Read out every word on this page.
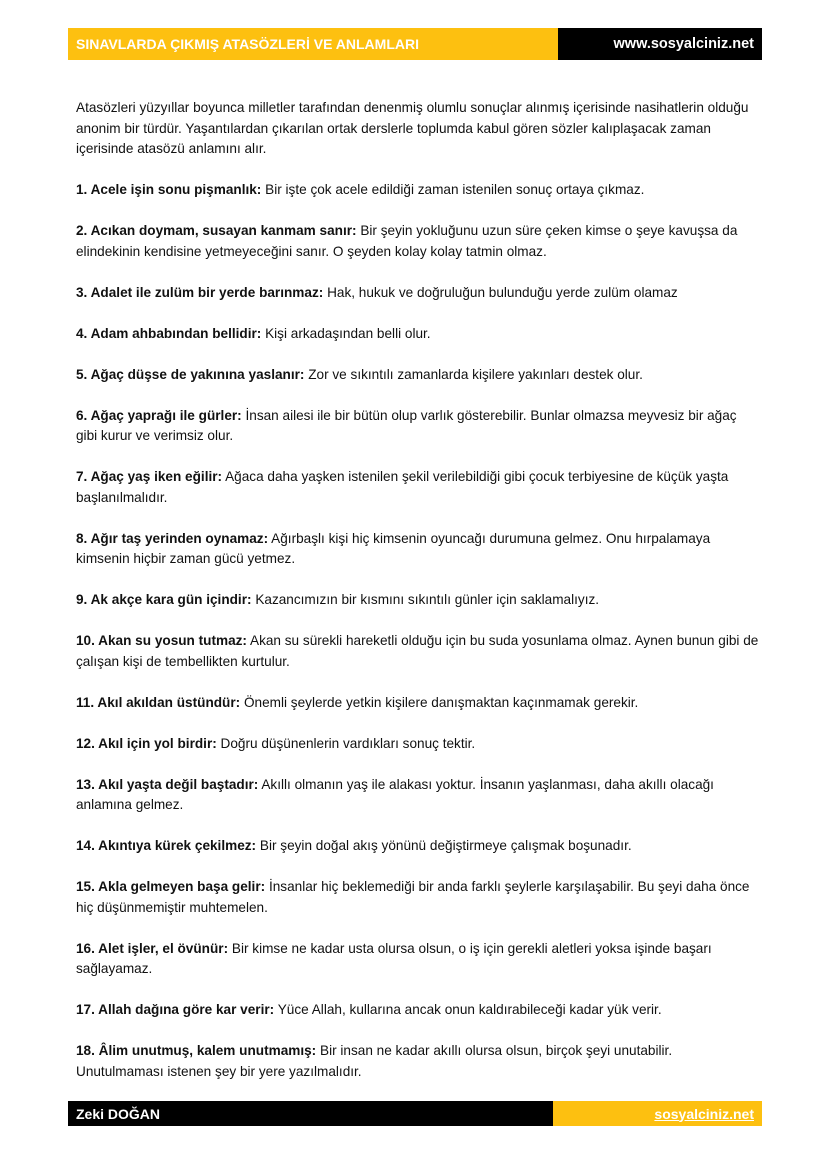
SINAVLARDA ÇIKMIŞ ATASÖZLERİ VE ANLAMLARI	www.sosyalciniz.net

Atasözleri yüzyıllar boyunca milletler tarafından denenmiş olumlu sonuçlar alınmış içerisinde nasihatlerin olduğu anonim bir türdür. Yaşantılardan çıkarılan ortak derslerle toplumda kabul gören sözler kalıplaşacak zaman içerisinde atasözü anlamını alır.

1. Acele işin sonu pişmanlık: Bir işte çok acele edildiği zaman istenilen sonuç ortaya çıkmaz.

2. Acıkan doymam, susayan kanmam sanır: Bir şeyin yokluğunu uzun süre çeken kimse o şeye kavuşsa da elindekinin kendisine yetmeyeceğini sanır. O şeyden kolay kolay tatmin olmaz.

3. Adalet ile zulüm bir yerde barınmaz: Hak, hukuk ve doğruluğun bulunduğu yerde zulüm olamaz

4. Adam ahbabından bellidir: Kişi arkadaşından belli olur.

5. Ağaç düşse de yakınına yaslanır: Zor ve sıkıntılı zamanlarda kişilere yakınları destek olur.

6. Ağaç yaprağı ile gürler: İnsan ailesi ile bir bütün olup varlık gösterebilir. Bunlar olmazsa meyvesiz bir ağaç gibi kurur ve verimsiz olur.

7. Ağaç yaş iken eğilir: Ağaca daha yaşken istenilen şekil verilebildiği gibi çocuk terbiyesine de küçük yaşta başlanılmalıdır.

8. Ağır taş yerinden oynamaz: Ağırbaşlı kişi hiç kimsenin oyuncağı durumuna gelmez. Onu hırpalamaya kimsenin hiçbir zaman gücü yetmez.

9. Ak akçe kara gün içindir: Kazancımızın bir kısmını sıkıntılı günler için saklamalıyız.

10. Akan su yosun tutmaz: Akan su sürekli hareketli olduğu için bu suda yosunlama olmaz. Aynen bunun gibi de çalışan kişi de tembellikten kurtulur.

11. Akıl akıldan üstündür: Önemli şeylerde yetkin kişilere danışmaktan kaçınmamak gerekir.

12. Akıl için yol birdir: Doğru düşünenlerin vardıkları sonuç tektir.

13. Akıl yaşta değil baştadır: Akıllı olmanın yaş ile alakası yoktur. İnsanın yaşlanması, daha akıllı olacağı anlamına gelmez.

14. Akıntıya kürek çekilmez: Bir şeyin doğal akış yönünü değiştirmeye çalışmak boşunadır.

15. Akla gelmeyen başa gelir: İnsanlar hiç beklemediği bir anda farklı şeylerle karşılaşabilir. Bu şeyi daha önce hiç düşünmemiştir muhtemelen.

16. Alet işler, el övünür: Bir kimse ne kadar usta olursa olsun, o iş için gerekli aletleri yoksa işinde başarı sağlayamaz.

17. Allah dağına göre kar verir: Yüce Allah, kullarına ancak onun kaldırabileceği kadar yük verir.

18. Âlim unutmuş, kalem unutmamış: Bir insan ne kadar akıllı olursa olsun, birçok şeyi unutabilir. Unutulmaması istenen şey bir yere yazılmalıdır.

Zeki DOĞAN	sosyalciniz.net
